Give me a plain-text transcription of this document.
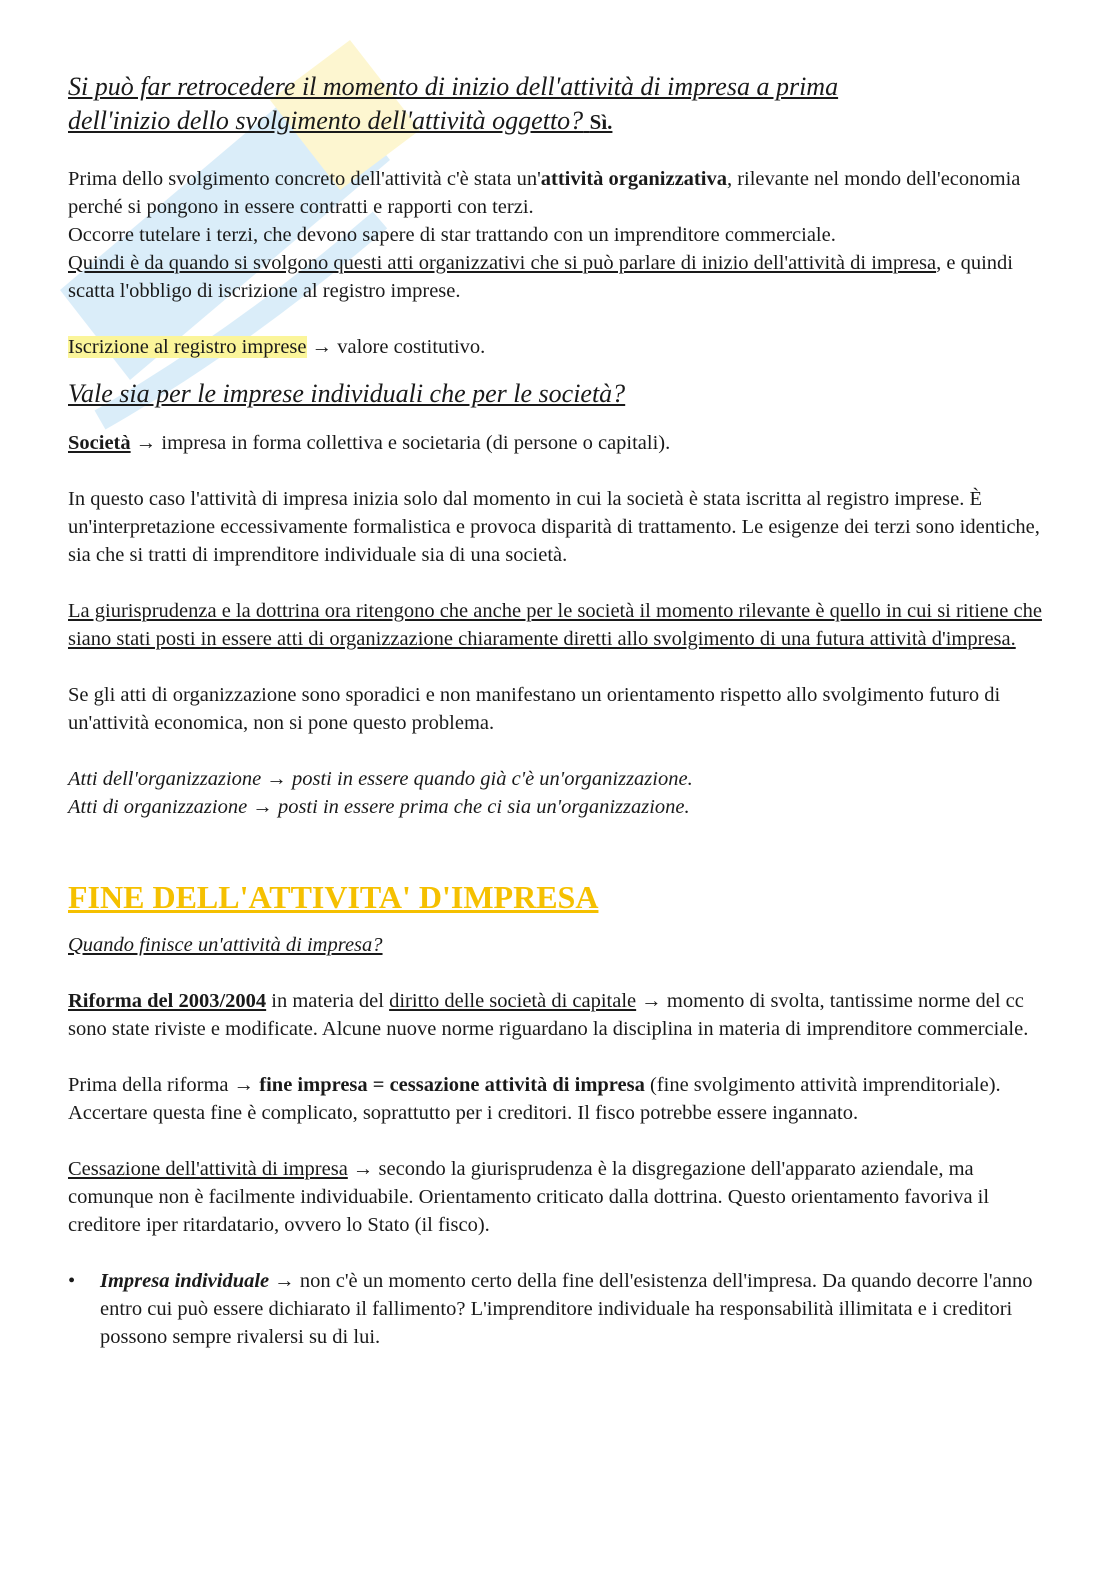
Si può far retrocedere il momento di inizio dell'attività di impresa a prima
dell'inizio dello svolgimento dell'attività oggetto? Sì.

Prima dello svolgimento concreto dell'attività c'è stata un'attività organizzativa, rilevante nel mondo dell'economia perché si pongono in essere contratti e rapporti con terzi.
Occorre tutelare i terzi, che devono sapere di star trattando con un imprenditore commerciale.
Quindi è da quando si svolgono questi atti organizzativi che si può parlare di inizio dell'attività di impresa, e quindi scatta l'obbligo di iscrizione al registro imprese.

Iscrizione al registro imprese → valore costitutivo.

Vale sia per le imprese individuali che per le società?

Società → impresa in forma collettiva e societaria (di persone o capitali).

In questo caso l'attività di impresa inizia solo dal momento in cui la società è stata iscritta al registro imprese. È un'interpretazione eccessivamente formalistica e provoca disparità di trattamento. Le esigenze dei terzi sono identiche, sia che si tratti di imprenditore individuale sia di una società.

La giurisprudenza e la dottrina ora ritengono che anche per le società il momento rilevante è quello in cui si ritiene che siano stati posti in essere atti di organizzazione chiaramente diretti allo svolgimento di una futura attività d'impresa.

Se gli atti di organizzazione sono sporadici e non manifestano un orientamento rispetto allo svolgimento futuro di un'attività economica, non si pone questo problema.

Atti dell'organizzazione → posti in essere quando già c'è un'organizzazione.
Atti di organizzazione → posti in essere prima che ci sia un'organizzazione.

FINE DELL'ATTIVITA' D'IMPRESA

Quando finisce un'attività di impresa?

Riforma del 2003/2004 in materia del diritto delle società di capitale → momento di svolta, tantissime norme del cc sono state riviste e modificate. Alcune nuove norme riguardano la disciplina in materia di imprenditore commerciale.

Prima della riforma → fine impresa = cessazione attività di impresa (fine svolgimento attività imprenditoriale). Accertare questa fine è complicato, soprattutto per i creditori. Il fisco potrebbe essere ingannato.

Cessazione dell'attività di impresa → secondo la giurisprudenza è la disgregazione dell'apparato aziendale, ma comunque non è facilmente individuabile. Orientamento criticato dalla dottrina. Questo orientamento favoriva il creditore iper ritardatario, ovvero lo Stato (il fisco).

•	Impresa individuale → non c'è un momento certo della fine dell'esistenza dell'impresa. Da quando decorre l'anno entro cui può essere dichiarato il fallimento? L'imprenditore individuale ha responsabilità illimitata e i creditori possono sempre rivalersi su di lui.
